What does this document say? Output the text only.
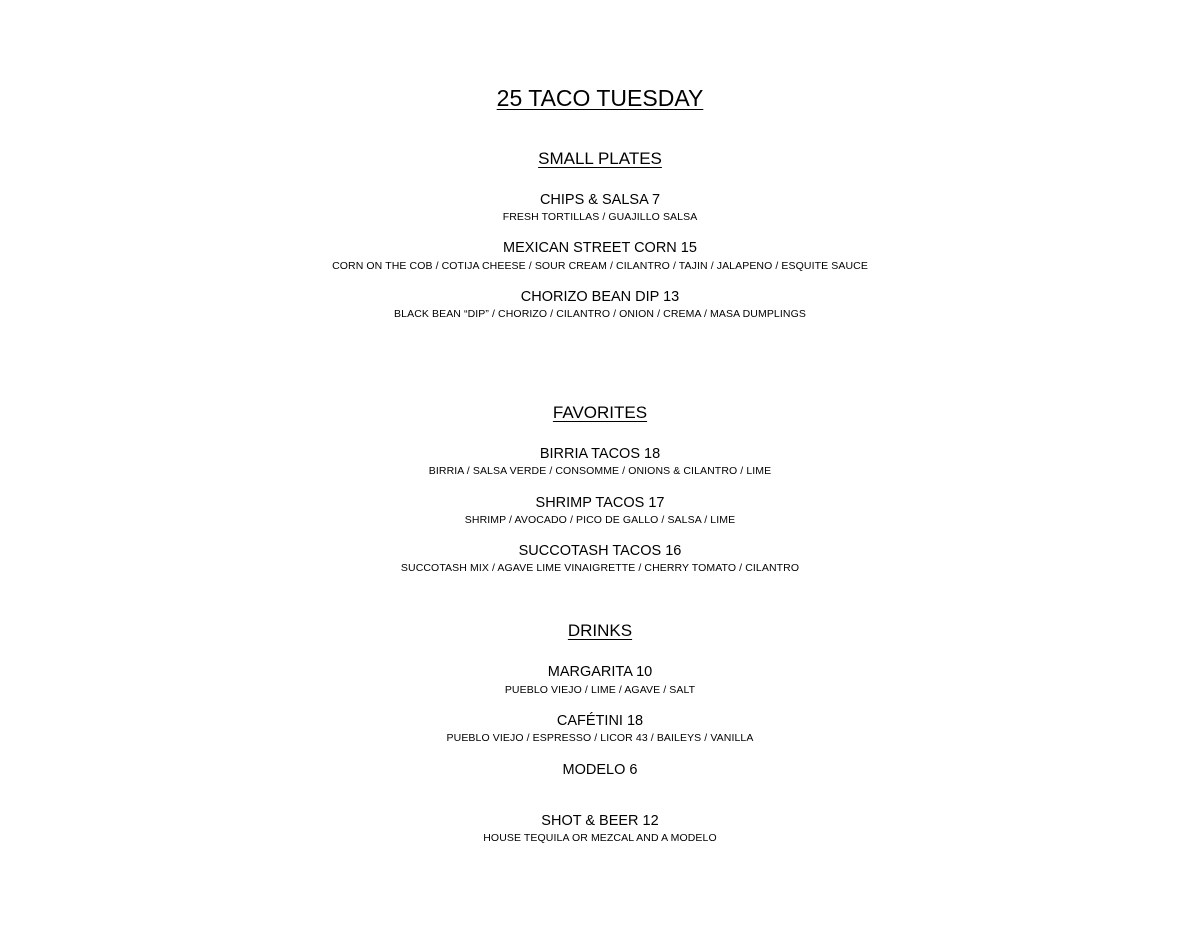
25 TACO TUESDAY
SMALL PLATES
CHIPS & SALSA 7
FRESH TORTILLAS / GUAJILLO SALSA
MEXICAN STREET CORN 15
CORN ON THE COB / COTIJA CHEESE / SOUR CREAM / CILANTRO / TAJIN / JALAPENO / ESQUITE SAUCE
CHORIZO BEAN DIP 13
BLACK BEAN “DIP” / CHORIZO / CILANTRO / ONION / CREMA / MASA DUMPLINGS
FAVORITES
BIRRIA TACOS 18
BIRRIA / SALSA VERDE / CONSOMME / ONIONS & CILANTRO / LIME
SHRIMP TACOS 17
SHRIMP / AVOCADO / PICO DE GALLO / SALSA / LIME
SUCCOTASH TACOS 16
SUCCOTASH MIX / AGAVE LIME VINAIGRETTE / CHERRY TOMATO / CILANTRO
DRINKS
MARGARITA 10
PUEBLO VIEJO / LIME / AGAVE / SALT
CAFÉTINI 18
PUEBLO VIEJO / ESPRESSO / LICOR 43 / BAILEYS / VANILLA
MODELO 6
SHOT & BEER 12
HOUSE TEQUILA OR MEZCAL AND A MODELO
